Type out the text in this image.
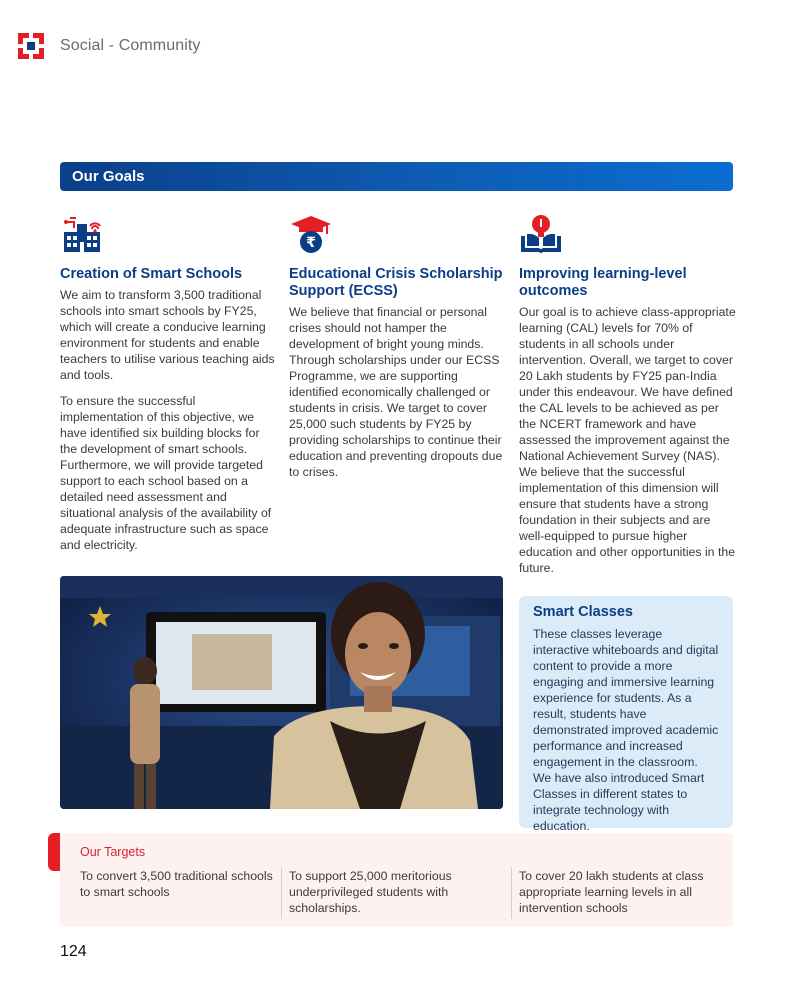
Social - Community
Our Goals
Creation of Smart Schools

We aim to transform 3,500 traditional schools into smart schools by FY25, which will create a conducive learning environment for students and enable teachers to utilise various teaching aids and tools.

To ensure the successful implementation of this objective, we have identified six building blocks for the development of smart schools. Furthermore, we will provide targeted support to each school based on a detailed need assessment and situational analysis of the availability of adequate infrastructure such as space and electricity.

₹
Educational Crisis Scholarship Support (ECSS)

We believe that financial or personal crises should not hamper the development of bright young minds. Through scholarships under our ECSS Programme, we are supporting identified economically challenged or students in crisis. We target to cover 25,000 such students by FY25 by providing scholarships to continue their education and preventing dropouts due to crises.

Improving learning-level outcomes

Our goal is to achieve class-appropriate learning (CAL) levels for 70% of students in all schools under intervention. Overall, we target to cover 20 Lakh students by FY25 pan-India under this endeavour. We have defined the CAL levels to be achieved as per the NCERT framework and have assessed the improvement against the National Achievement Survey (NAS). We believe that the successful implementation of this dimension will ensure that students have a strong foundation in their subjects and are well-equipped to pursue higher education and other opportunities in the future.

Smart Classes

These classes leverage interactive whiteboards and digital content to provide a more engaging and immersive learning experience for students. As a result, students have demonstrated improved academic performance and increased engagement in the classroom. We have also introduced Smart Classes in different states to integrate technology with education.

Our Targets
To convert 3,500 traditional schools to smart schools
To support 25,000 meritorious underprivileged students with scholarships.
To cover 20 lakh students at class appropriate learning levels in all intervention schools
124
